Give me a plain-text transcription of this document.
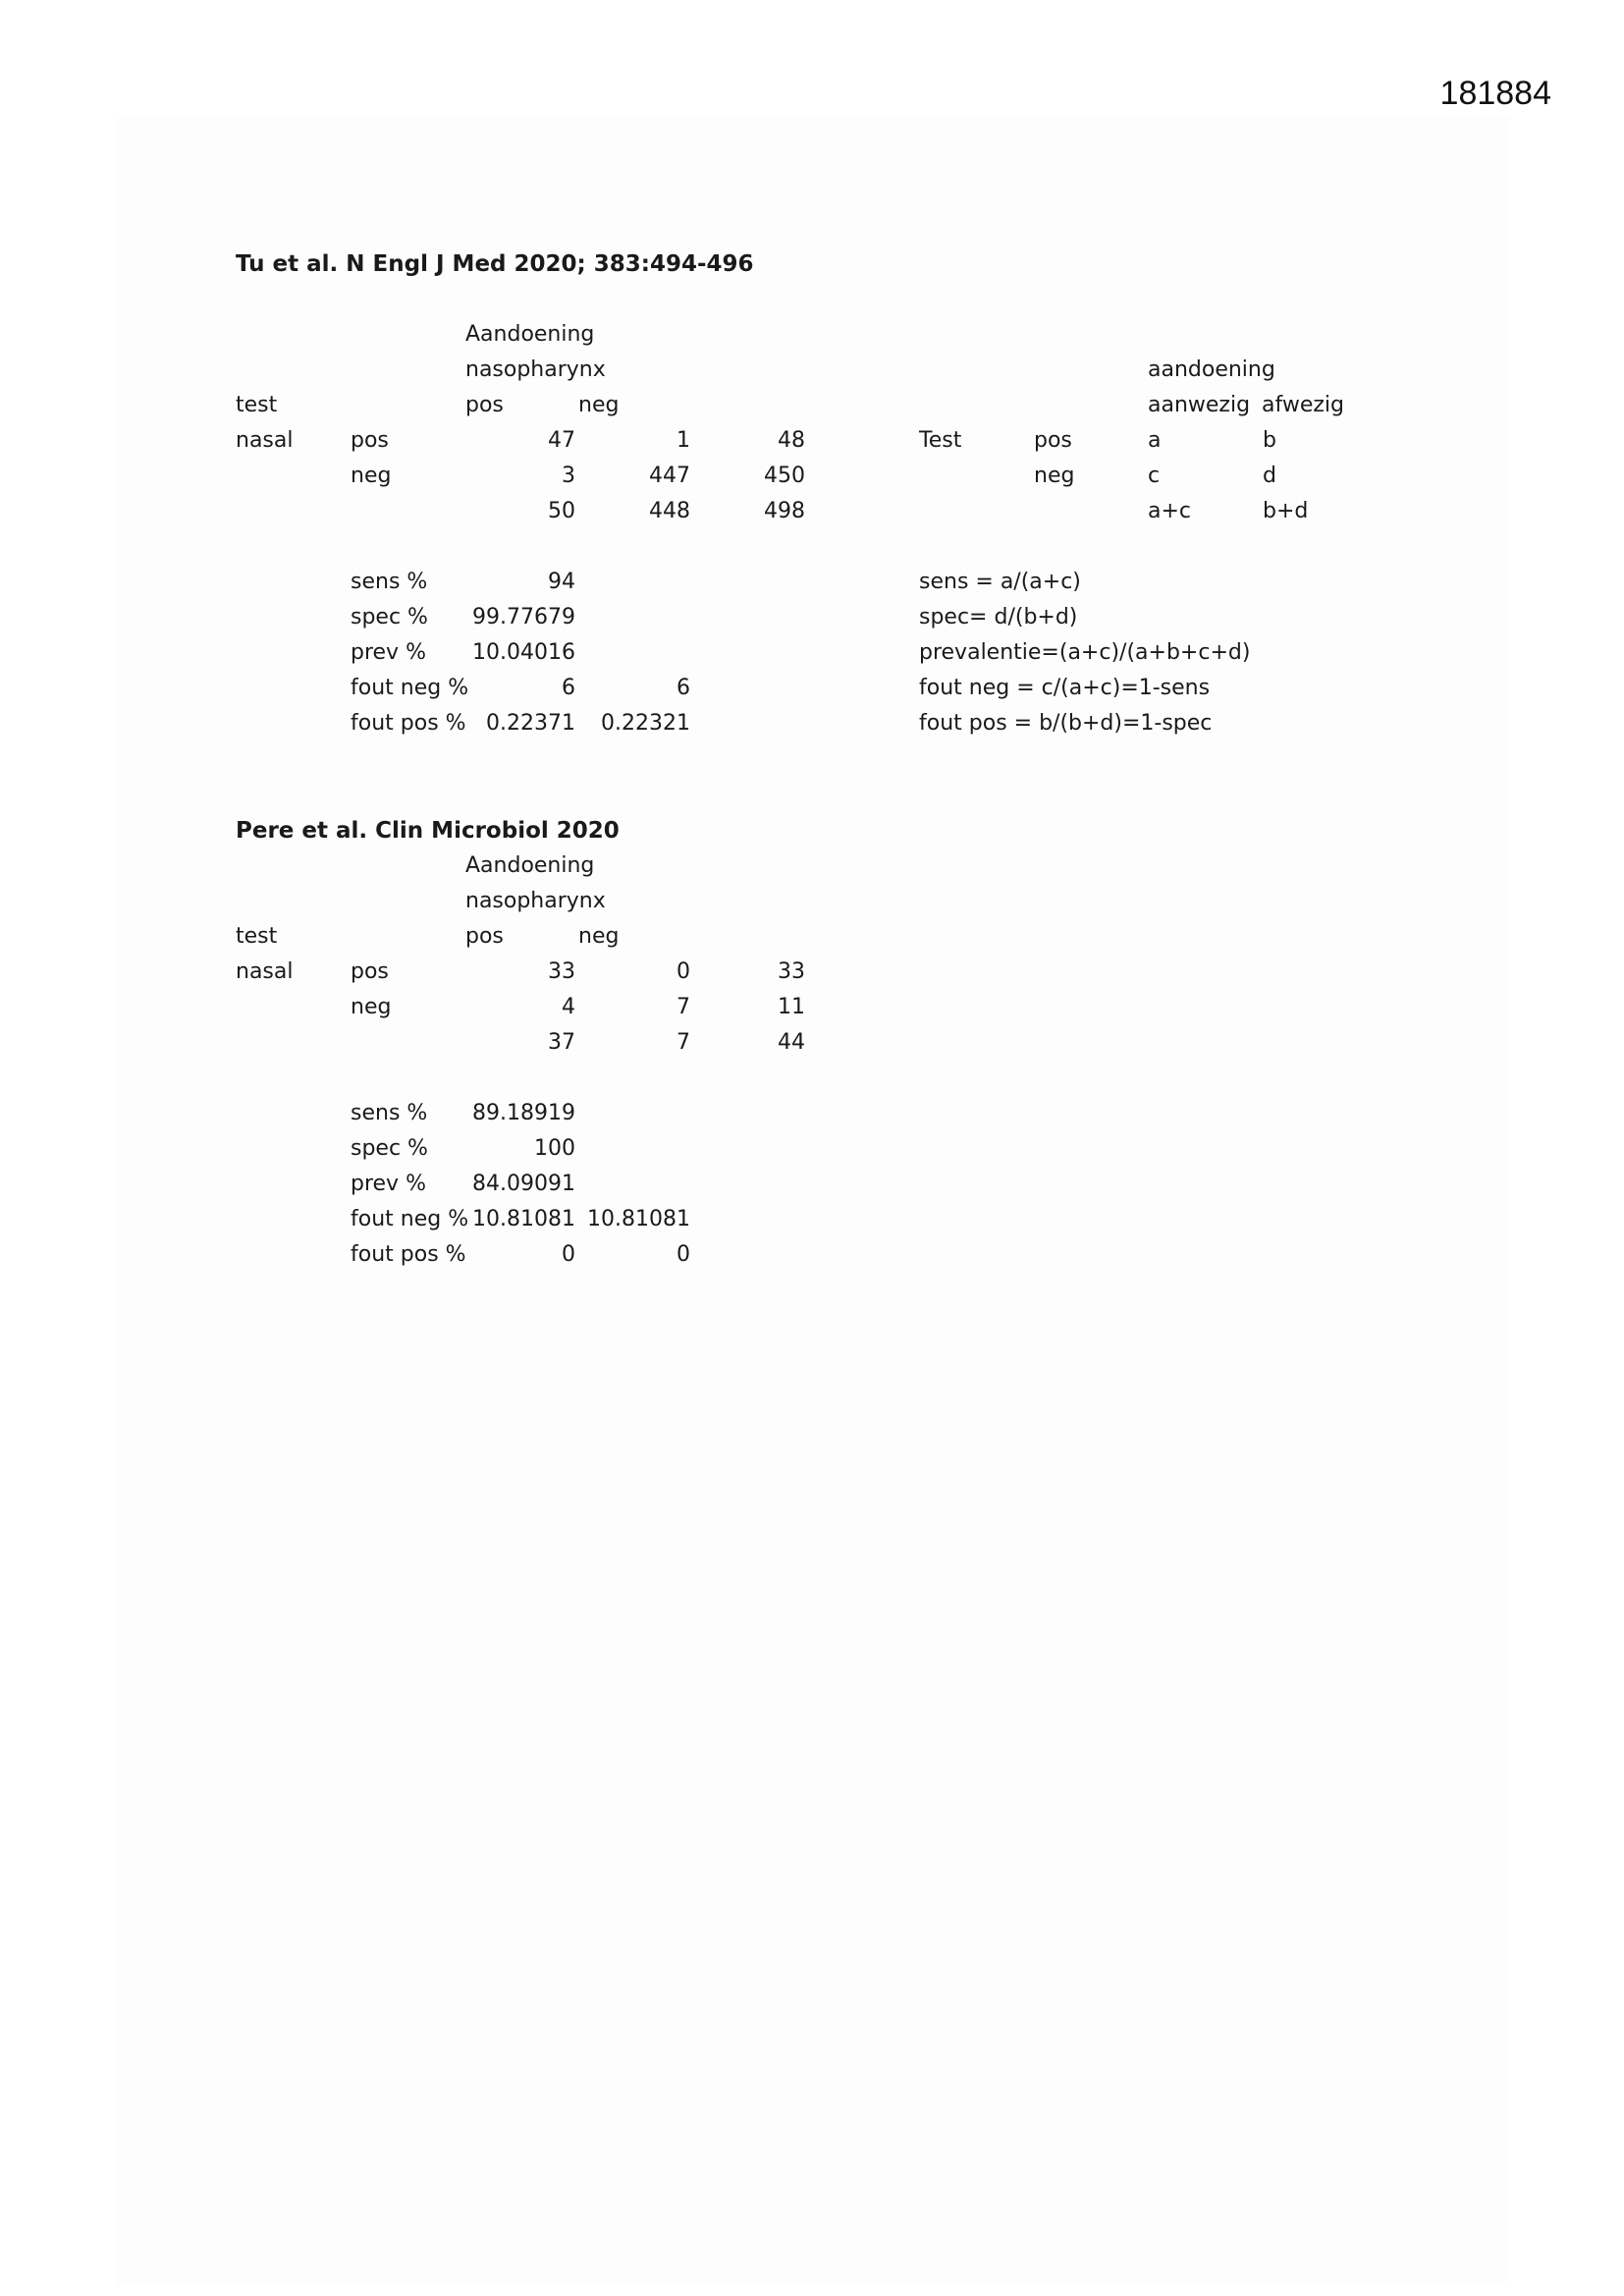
181884
Tu et al. N Engl J Med 2020; 383:494-496
Aandoening
nasopharynx
test	pos	neg
nasal	pos	47	1	48
neg	3	447	450
50	448	498
sens %	94
spec %	99.77679
prev %	10.04016
fout neg %	6	6
fout pos % 0.22371	0.22321
aandoening
aanwezig afwezig
Test	pos	a	b
neg	c	d
a+c	b+d
sens = a/(a+c)
spec= d/(b+d)
prevalentie=(a+c)/(a+b+c+d)
fout neg = c/(a+c)=1-sens
fout pos = b/(b+d)=1-spec
Pere et al. Clin Microbiol 2020
Aandoening
nasopharynx
test	pos	neg
nasal	pos	33	0	33
neg	4	7	11
37	7	44
sens %	89.18919
spec %	100
prev %	84.09091
fout neg % 10.81081 10.81081
fout pos %	0	0
